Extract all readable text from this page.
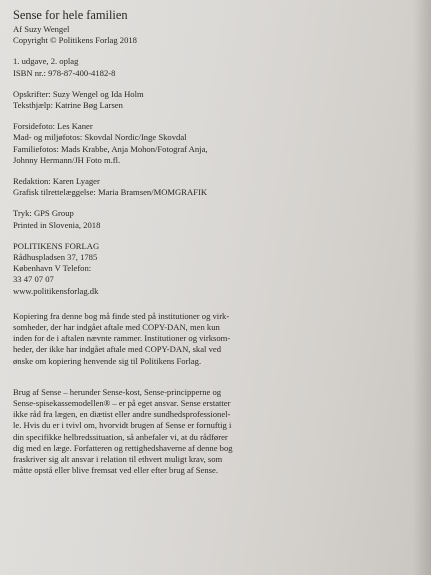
Sense for hele familien
Af Suzy Wengel
Copyright © Politikens Forlag 2018
1. udgave, 2. oplag
ISBN nr.: 978-87-400-4182-8
Opskrifter: Suzy Wengel og Ida Holm
Teksthjælp: Katrine Bøg Larsen
Forsidefoto: Les Kaner
Mad- og miljøfotos: Skovdal Nordic/Inge Skovdal
Familiefotos: Mads Krabbe, Anja Mohon/Fotograf Anja,
Johnny Hermann/JH Foto m.fl.
Redaktion: Karen Lyager
Grafisk tilrettelæggelse: Maria Bramsen/MOMGRAFIK
Tryk: GPS Group
Printed in Slovenia, 2018
POLITIKENS FORLAG
Rådhuspladsen 37, 1785
København V Telefon:
33 47 07 07
www.politikensforlag.dk
Kopiering fra denne bog må finde sted på institutioner og virk-
somheder, der har indgået aftale med COPY-DAN, men kun
inden for de i aftalen nævnte rammer. Institutioner og virksom-
heder, der ikke har indgået aftale med COPY-DAN, skal ved
ønske om kopiering henvende sig til Politikens Forlag.
Brug af Sense – herunder Sense-kost, Sense-principperne og
Sense-spisekassemodellen® – er på eget ansvar. Sense erstatter
ikke råd fra lægen, en diætist eller andre sundhedsprofessionel-
le. Hvis du er i tvivl om, hvorvidt brugen af Sense er fornuftig i
din specifikke helbredssituation, så anbefaler vi, at du rådfører
dig med en læge. Forfatteren og rettighedshaverne af denne bog
fraskriver sig alt ansvar i relation til ethvert muligt krav, som
måtte opstå eller blive fremsat ved eller efter brug af Sense.
